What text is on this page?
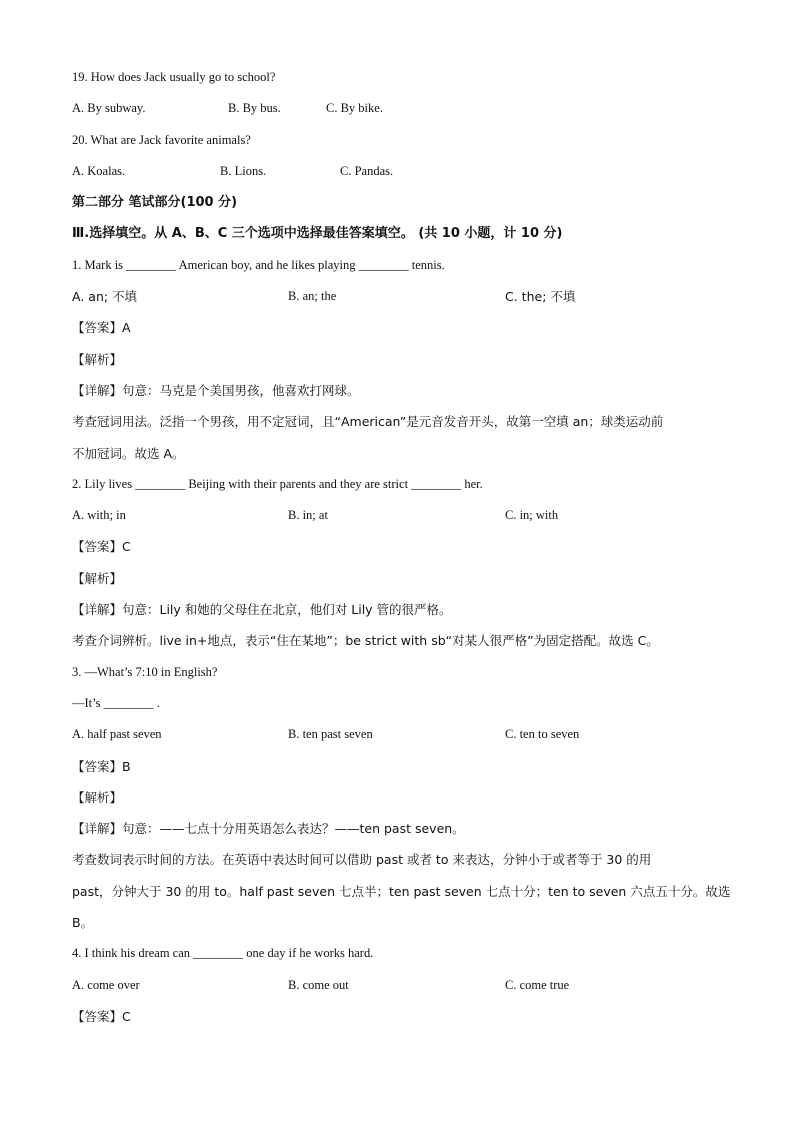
19. How does Jack usually go to school?
A. By subway.	B. By bus.	C. By bike.
20. What are Jack favorite animals?
A. Koalas.	B. Lions.	C. Pandas.
第二部分 笔试部分(100 分)
Ⅲ.选择填空。从 A、B、C 三个选项中选择最佳答案填空。 (共 10 小题，计 10 分)
1. Mark is ________ American boy, and he likes playing ________ tennis.
A. an; 不填	B. an; the	C. the; 不填
【答案】A
【解析】
【详解】句意：马克是个美国男孩，他喜欢打网球。
考查冠词用法。泛指一个男孩，用不定冠词，且“American”是元音发音开头，故第一空填 an；球类运动前
不加冠词。故选 A。
2. Lily lives ________ Beijing with their parents and they are strict ________ her.
A. with; in	B. in; at	C. in; with
【答案】C
【解析】
【详解】句意：Lily 和她的父母住在北京，他们对 Lily 管的很严格。
考查介词辨析。live in+地点，表示“住在某地”；be strict with sb“对某人很严格”为固定搭配。故选 C。
3. —What’s 7:10 in English?
—It’s ________ .
A. half past seven	B. ten past seven	C. ten to seven
【答案】B
【解析】
【详解】句意：——七点十分用英语怎么表达？——ten past seven。
考查数词表示时间的方法。在英语中表达时间可以借助 past 或者 to 来表达，分钟小于或者等于 30 的用
past，分钟大于 30 的用 to。half past seven 七点半；ten past seven 七点十分；ten to seven 六点五十分。故选
B。
4. I think his dream can ________ one day if he works hard.
A. come over	B. come out	C. come true
【答案】C
